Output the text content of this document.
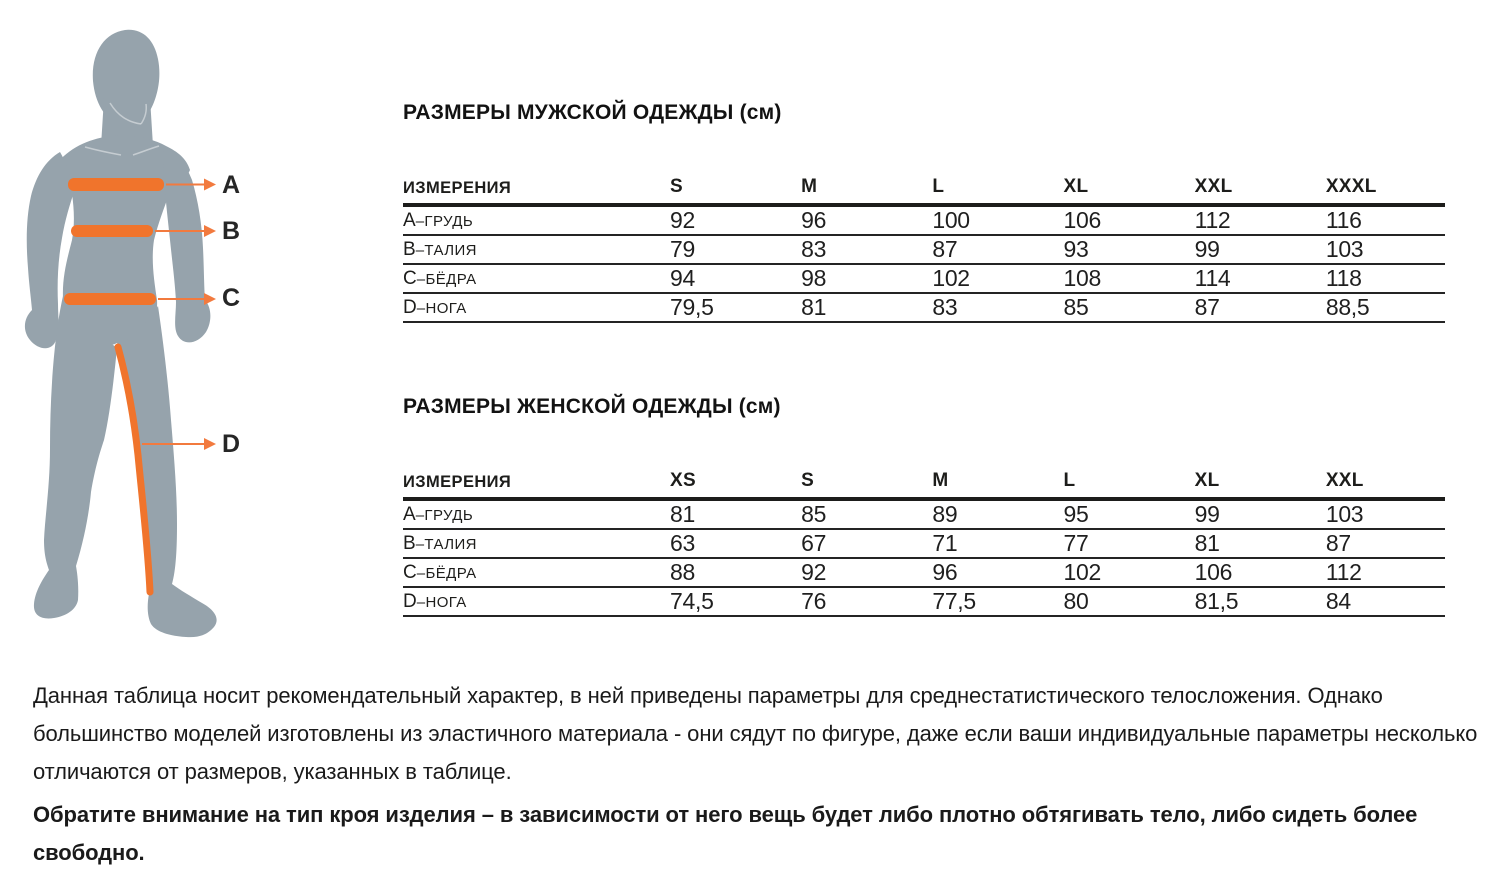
A
B
C
D
РАЗМЕРЫ МУЖСКОЙ ОДЕЖДЫ (см)
ИЗМЕРЕНИЯ	S	M	L	XL	XXL	XXXL
A–ГРУДЬ	92	96	100	106	112	116
B–ТАЛИЯ	79	83	87	93	99	103
C–БЁДРА	94	98	102	108	114	118
D–НОГА	79,5	81	83	85	87	88,5
РАЗМЕРЫ ЖЕНСКОЙ ОДЕЖДЫ (см)
ИЗМЕРЕНИЯ	XS	S	M	L	XL	XXL
A–ГРУДЬ	81	85	89	95	99	103
B–ТАЛИЯ	63	67	71	77	81	87
C–БЁДРА	88	92	96	102	106	112
D–НОГА	74,5	76	77,5	80	81,5	84

Данная таблица носит рекомендательный характер, в ней приведены параметры для среднестатистического телосложения. Однако большинство моделей изготовлены из эластичного материала - они сядут по фигуре, даже если ваши индивидуальные параметры несколько отличаются от размеров, указанных в таблице.

Обратите внимание на тип кроя изделия – в зависимости от него вещь будет либо плотно обтягивать тело, либо сидеть более свободно.
